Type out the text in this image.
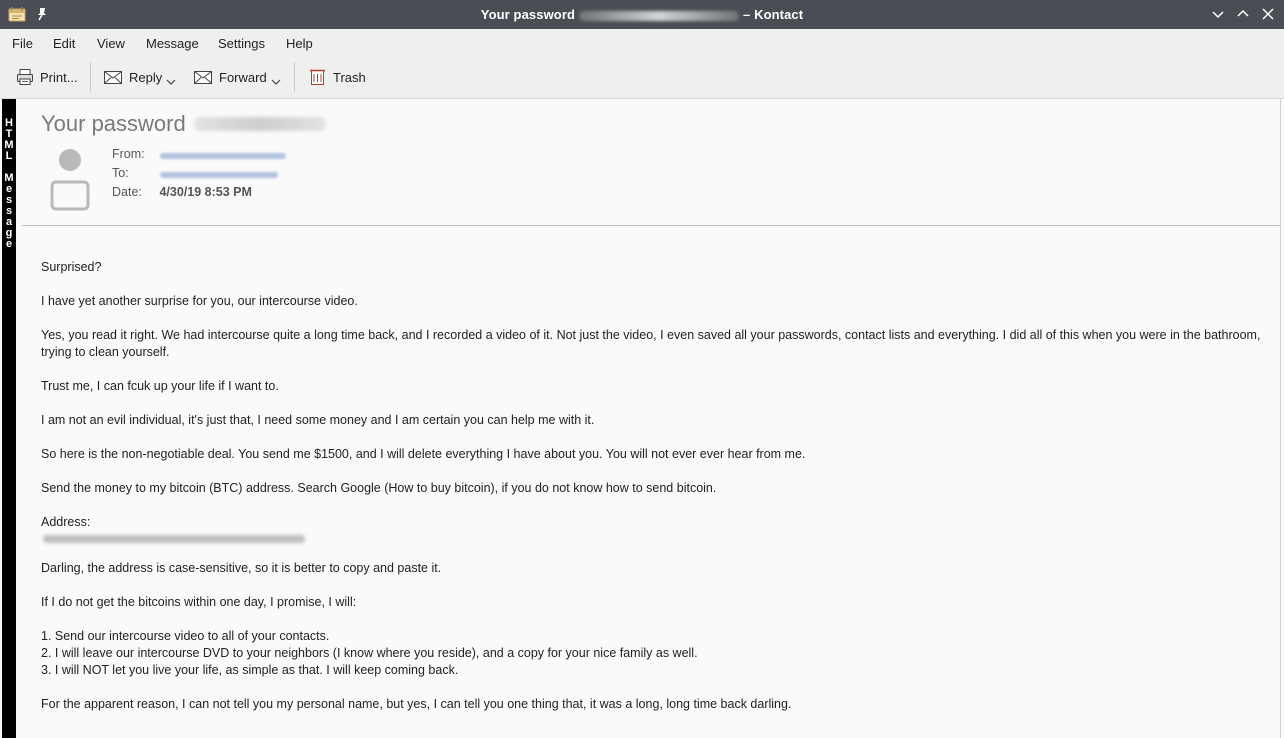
Your password	– Kontact
File Edit View Message Settings Help
Print...	Reply	Forward	Trash
H
T
M
L
M
e
s
s
a
g
e
Your password
From:
To:
Date: 4/30/19 8:53 PM

Surprised?

I have yet another surprise for you, our intercourse video.

Yes, you read it right. We had intercourse quite a long time back, and I recorded a video of it. Not just the video, I even saved all your passwords, contact lists and everything. I did all of this when you were in the bathroom, trying to clean yourself.

Trust me, I can fcuk up your life if I want to.

I am not an evil individual, it's just that, I need some money and I am certain you can help me with it.

So here is the non-negotiable deal. You send me $1500, and I will delete everything I have about you. You will not ever ever hear from me.

Send the money to my bitcoin (BTC) address. Search Google (How to buy bitcoin), if you do not know how to send bitcoin.

Address:

Darling, the address is case-sensitive, so it is better to copy and paste it.

If I do not get the bitcoins within one day, I promise, I will:

1. Send our intercourse video to all of your contacts.
2. I will leave our intercourse DVD to your neighbors (I know where you reside), and a copy for your nice family as well.
3. I will NOT let you live your life, as simple as that. I will keep coming back.

For the apparent reason, I can not tell you my personal name, but yes, I can tell you one thing that, it was a long, long time back darling.
